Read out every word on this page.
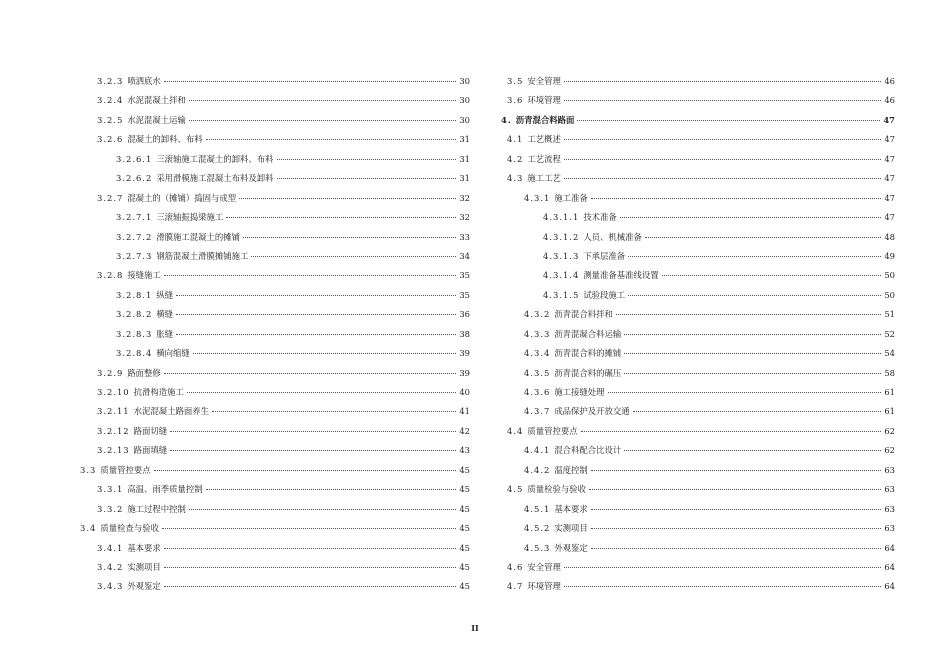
3.2.3 喷洒底水	30
3.2.4 水泥混凝土拌和	30
3.2.5 水泥混凝土运输	30
3.2.6 混凝土的卸料、布料	31
3.2.6.1 三滚轴施工混凝土的卸料、布料	31
3.2.6.2 采用滑模施工混凝土布料及卸料	31
3.2.7 混凝土的（摊铺）捣固与成型	32
3.2.7.1 三滚轴振捣梁施工	32
3.2.7.2 滑膜施工混凝土的摊铺	33
3.2.7.3 钢筋混凝土滑膜摊铺施工	34
3.2.8 接缝施工	35
3.2.8.1 纵缝	35
3.2.8.2 横缝	36
3.2.8.3 胀缝	38
3.2.8.4 横向缩缝	39
3.2.9 路面整修	39
3.2.10 抗滑构造施工	40
3.2.11 水泥混凝土路面养生	41
3.2.12 路面切缝	42
3.2.13 路面填缝	43
3.3 质量管控要点	45
3.3.1 高温、雨季质量控制	45
3.3.2 施工过程中控制	45
3.4 质量检查与验收	45
3.4.1 基本要求	45
3.4.2 实测项目	45
3.4.3 外观鉴定	45
3.5 安全管理	46
3.6 环境管理	46
4. 沥青混合料路面	47
4.1 工艺概述	47
4.2 工艺流程	47
4.3 施工工艺	47
4.3.1 施工准备	47
4.3.1.1 技术准备	47
4.3.1.2 人员、机械准备	48
4.3.1.3 下承层准备	49
4.3.1.4 测量准备基准线设置	50
4.3.1.5 试验段施工	50
4.3.2 沥青混合料拌和	51
4.3.3 沥青混凝合料运输	52
4.3.4 沥青混合料的摊铺	54
4.3.5 沥青混合料的碾压	58
4.3.6 施工接缝处理	61
4.3.7 成品保护及开放交通	61
4.4 质量管控要点	62
4.4.1 混合料配合比设计	62
4.4.2 温度控制	63
4.5 质量检验与验收	63
4.5.1 基本要求	63
4.5.2 实测项目	63
4.5.3 外观鉴定	64
4.6 安全管理	64
4.7 环境管理	64
II
